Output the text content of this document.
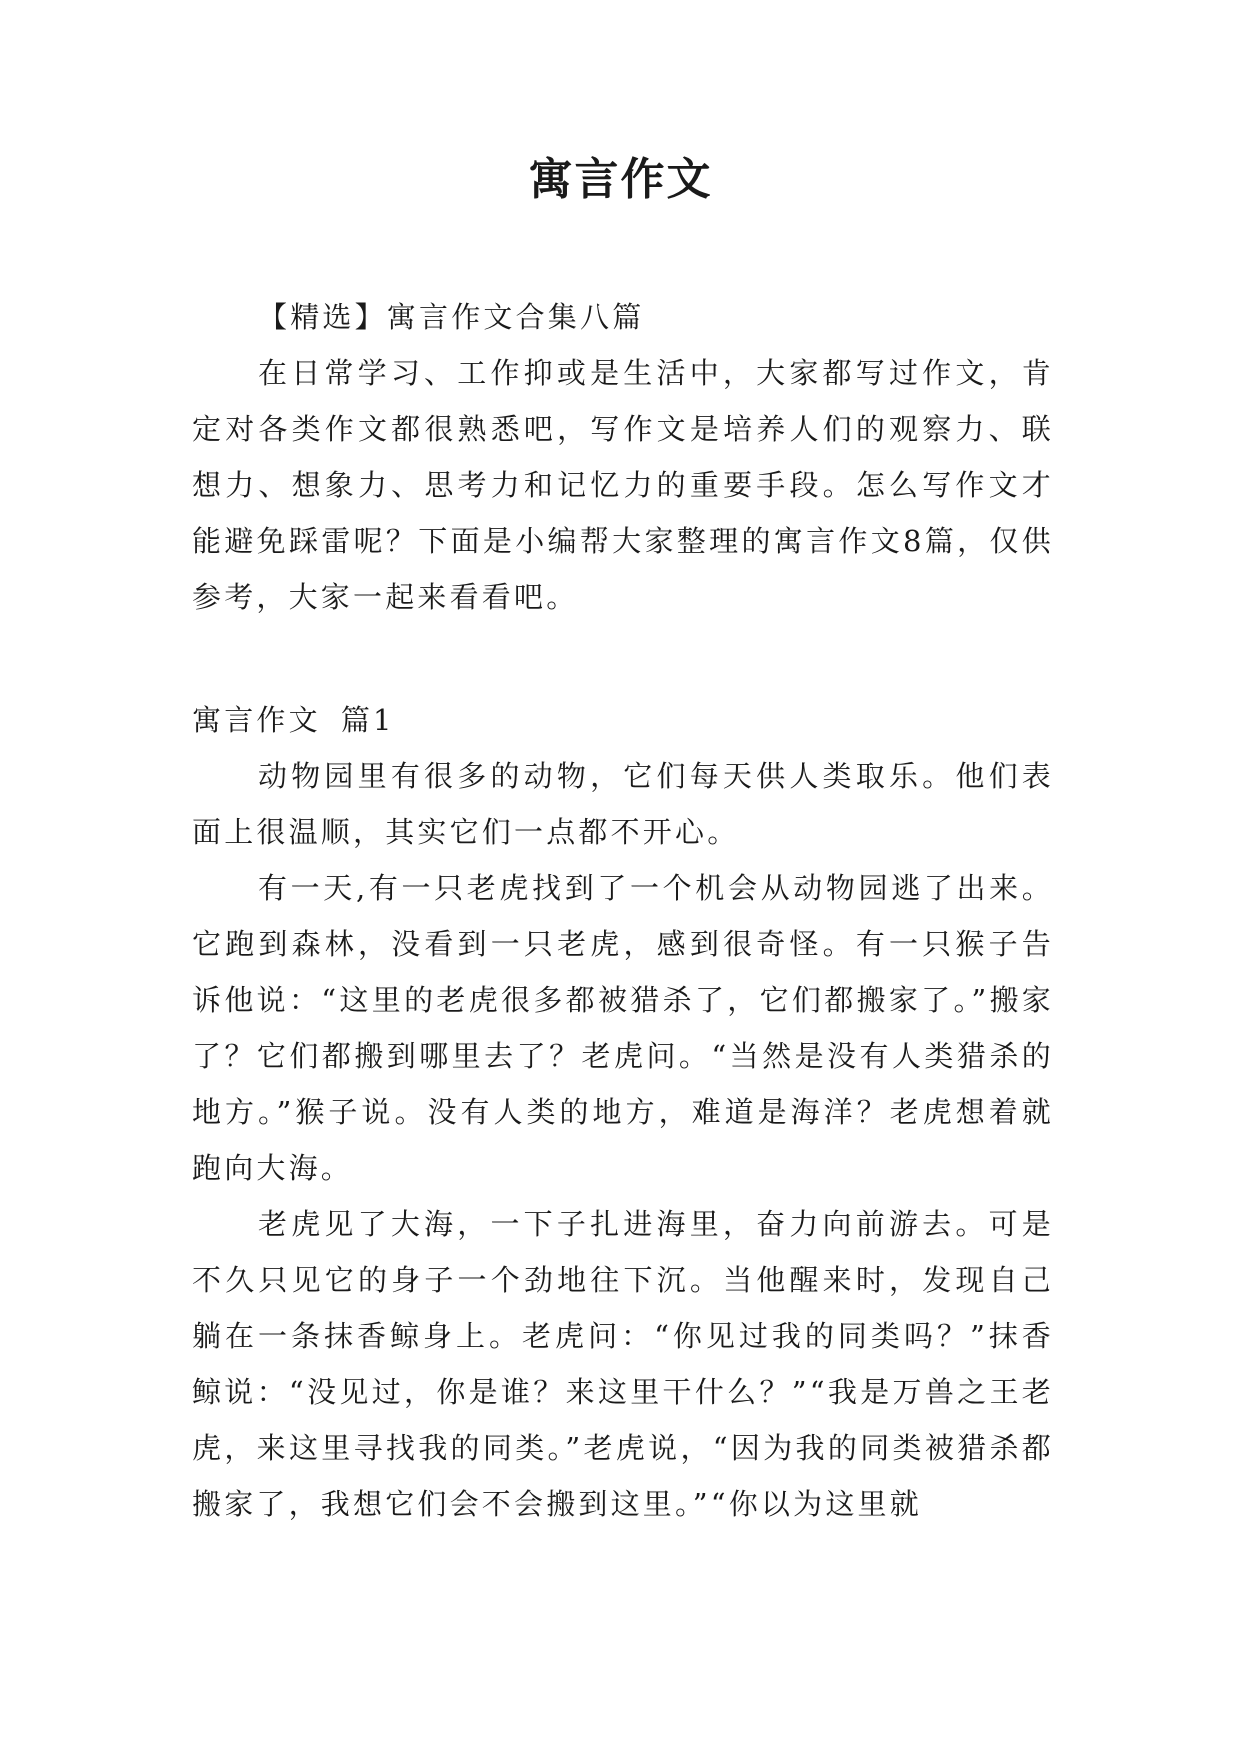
寓言作文

【精选】寓言作文合集八篇

在日常学习、工作抑或是生活中，大家都写过作文，肯定对各类作文都很熟悉吧，写作文是培养人们的观察力、联想力、想象力、思考力和记忆力的重要手段。怎么写作文才能避免踩雷呢？下面是小编帮大家整理的寓言作文8篇，仅供参考，大家一起来看看吧。

寓言作文 篇1

动物园里有很多的动物，它们每天供人类取乐。他们表面上很温顺，其实它们一点都不开心。

有一天,有一只老虎找到了一个机会从动物园逃了出来。它跑到森林，没看到一只老虎，感到很奇怪。有一只猴子告诉他说：“这里的老虎很多都被猎杀了，它们都搬家了。”搬家了？它们都搬到哪里去了？老虎问。“当然是没有人类猎杀的地方。”猴子说。没有人类的地方，难道是海洋？老虎想着就跑向大海。

老虎见了大海，一下子扎进海里，奋力向前游去。可是不久只见它的身子一个劲地往下沉。当他醒来时，发现自己躺在一条抹香鲸身上。老虎问：“你见过我的同类吗？”抹香鲸说：“没见过，你是谁？来这里干什么？”“我是万兽之王老虎，来这里寻找我的同类。”老虎说，“因为我的同类被猎杀都搬家了，我想它们会不会搬到这里。”“你以为这里就
